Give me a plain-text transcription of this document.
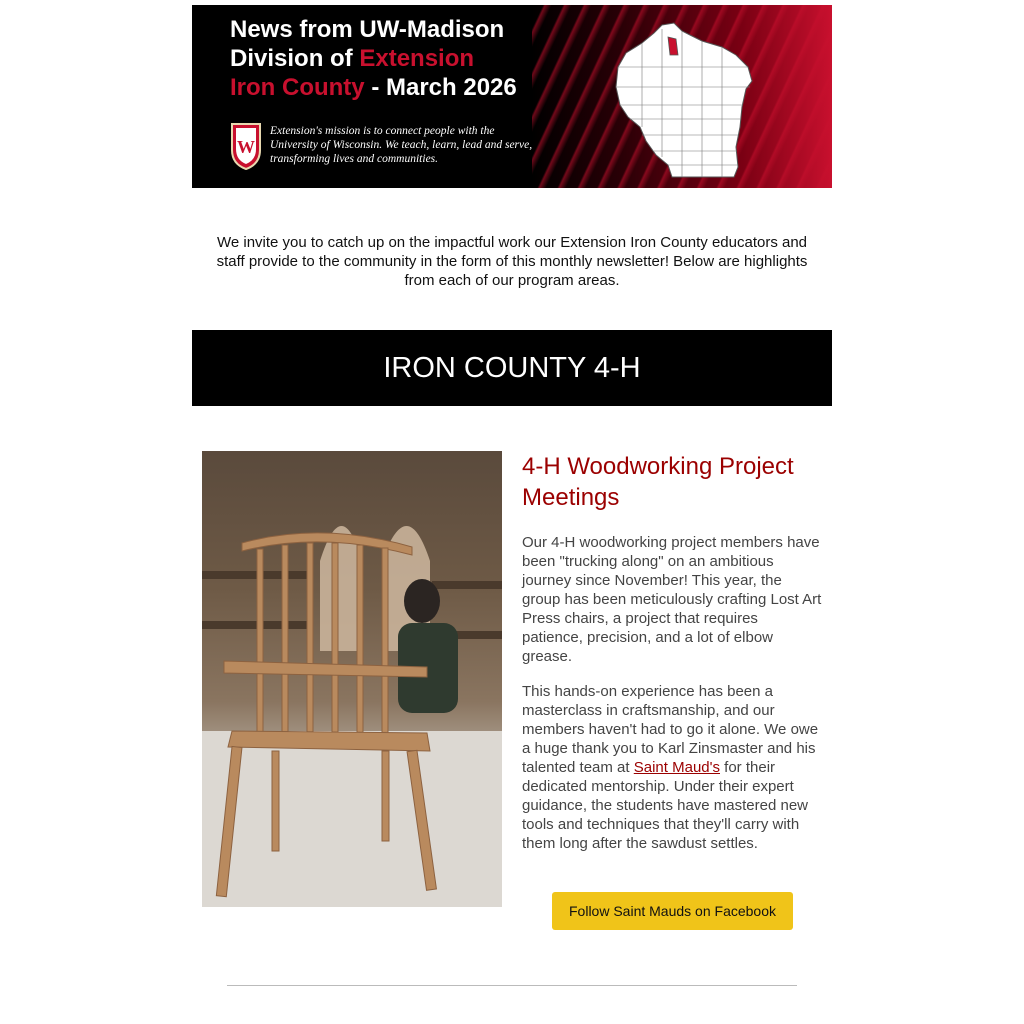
News from UW-Madison
Division of Extension
Iron County - March 2026
W
Extension's mission is to connect people with the University of Wisconsin. We teach, learn, lead and serve, transforming lives and communities.
We invite you to catch up on the impactful work our Extension Iron County educators and staff provide to the community in the form of this monthly newsletter! Below are highlights from each of our program areas.
IRON COUNTY 4-H
4-H Woodworking Project Meetings
Our 4-H woodworking project members have been "trucking along" on an ambitious journey since November! This year, the group has been meticulously crafting Lost Art Press chairs, a project that requires patience, precision, and a lot of elbow grease.
This hands-on experience has been a masterclass in craftsmanship, and our members haven't had to go it alone. We owe a huge thank you to Karl Zinsmaster and his talented team at Saint Maud's for their dedicated mentorship. Under their expert guidance, the students have mastered new tools and techniques that they'll carry with them long after the sawdust settles.
Follow Saint Mauds on Facebook
